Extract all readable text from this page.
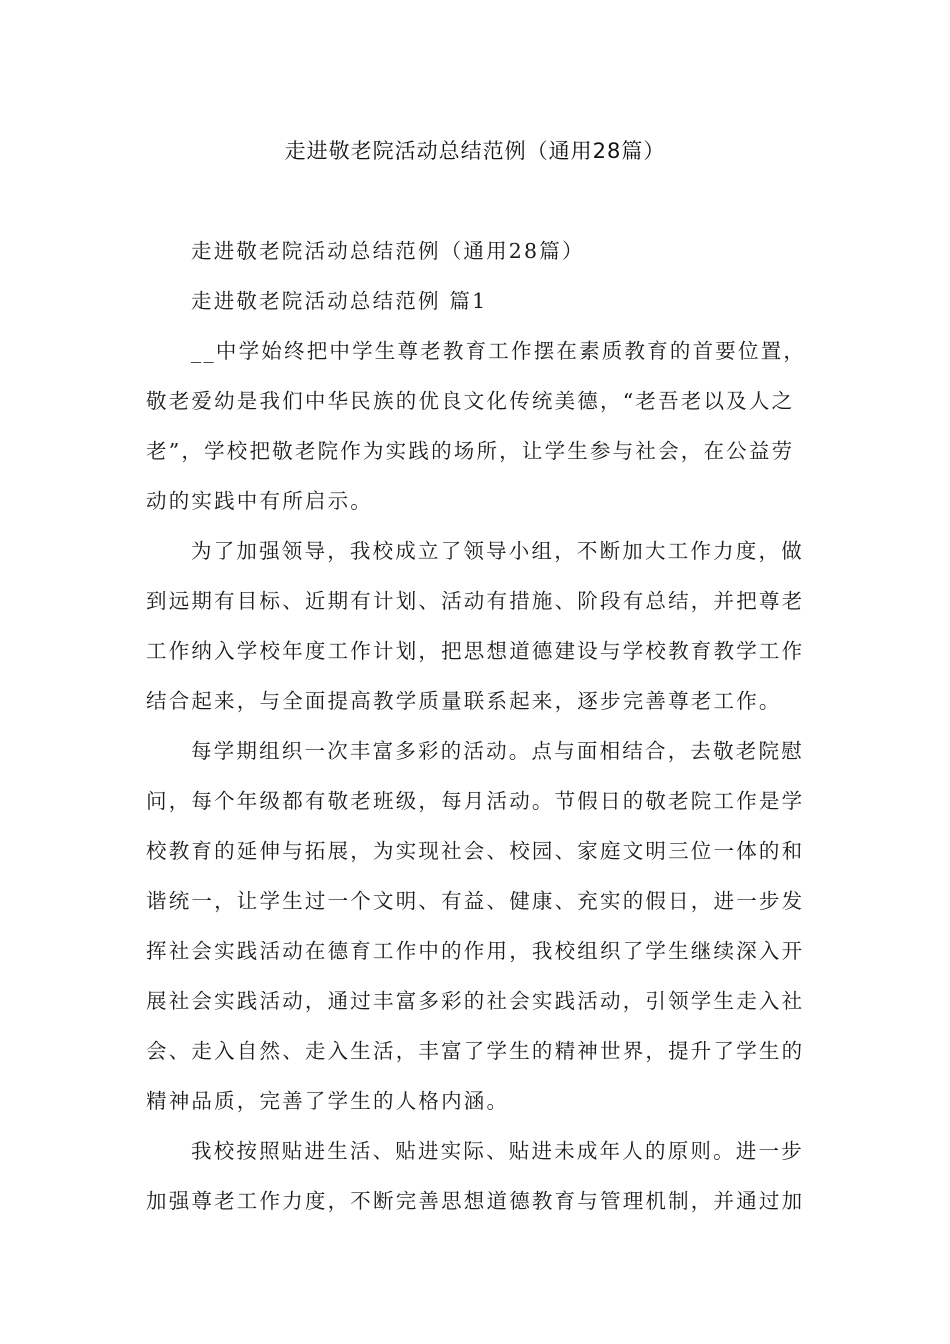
走进敬老院活动总结范例（通用28篇）
走进敬老院活动总结范例（通用28篇）
走进敬老院活动总结范例 篇1
__中学始终把中学生尊老教育工作摆在素质教育的首要位置，
敬老爱幼是我们中华民族的优良文化传统美德，“老吾老以及人之
老”，学校把敬老院作为实践的场所，让学生参与社会，在公益劳
动的实践中有所启示。
为了加强领导，我校成立了领导小组，不断加大工作力度，做
到远期有目标、近期有计划、活动有措施、阶段有总结，并把尊老
工作纳入学校年度工作计划，把思想道德建设与学校教育教学工作
结合起来，与全面提高教学质量联系起来，逐步完善尊老工作。
每学期组织一次丰富多彩的活动。点与面相结合，去敬老院慰
问，每个年级都有敬老班级，每月活动。节假日的敬老院工作是学
校教育的延伸与拓展，为实现社会、校园、家庭文明三位一体的和
谐统一，让学生过一个文明、有益、健康、充实的假日，进一步发
挥社会实践活动在德育工作中的作用，我校组织了学生继续深入开
展社会实践活动，通过丰富多彩的社会实践活动，引领学生走入社
会、走入自然、走入生活，丰富了学生的精神世界，提升了学生的
精神品质，完善了学生的人格内涵。
我校按照贴进生活、贴进实际、贴进未成年人的原则。进一步
加强尊老工作力度，不断完善思想道德教育与管理机制，并通过加
